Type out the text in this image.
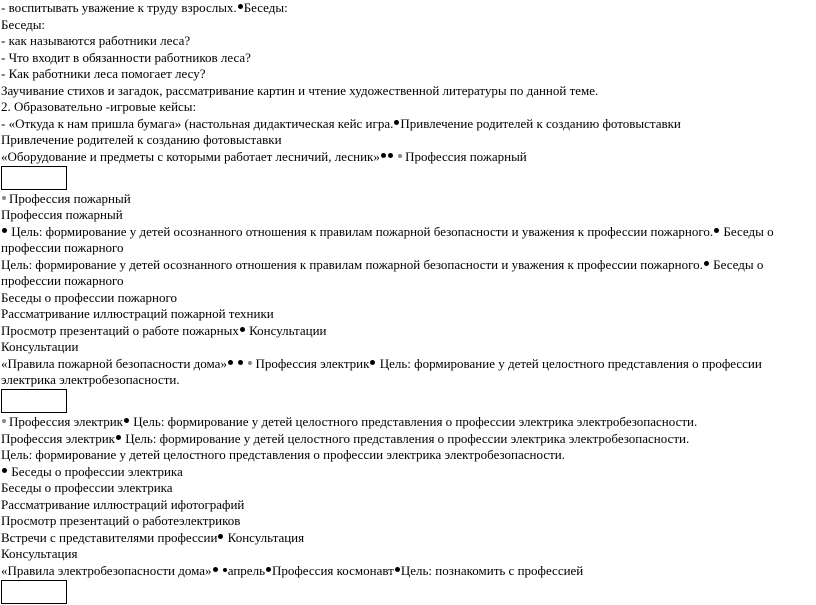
- воспитывать уважение к труду взрослых. Беседы:
Беседы:
- как называются работники леса?
- Что входит в обязанности работников леса?
- Как работники леса помогает лесу?
Заучивание стихов и загадок, рассматривание картин и чтение художественной литературы по данной теме.
2. Образовательно -игровые кейсы:
- «Откуда к нам пришла бумага» (настольная дидактическая кейс игра. Привлечение родителей к созданию фотовыставки
Привлечение родителей к созданию фотовыставки
«Оборудование и предметы с которыми работает лесничий, лесник» Профессия пожарный
Профессия пожарный
Профессия пожарный
Цель: формирование у детей осознанного отношения к правилам пожарной безопасности и уважения к профессии пожарного. Беседы о профессии пожарного
Цель: формирование у детей осознанного отношения к правилам пожарной безопасности и уважения к профессии пожарного. Беседы о профессии пожарного
Беседы о профессии пожарного
Рассматривание иллюстраций пожарной техники
Просмотр презентаций о работе пожарных Консультации
Консультации
«Правила пожарной безопасности дома» Профессия электрик Цель: формирование у детей целостного представления о профессии электрика электробезопасности.
Профессия электрик Цель: формирование у детей целостного представления о профессии электрика электробезопасности.
Профессия электрик Цель: формирование у детей целостного представления о профессии электрика электробезопасности.
Цель: формирование у детей целостного представления о профессии электрика электробезопасности.
Беседы о профессии электрика
Беседы о профессии электрика
Рассматривание иллюстраций ифотографий
Просмотр презентаций о работеэлектриков
Встречи с представителями профессии Консультация
Консультация
«Правила электробезопасности дома» апрель Профессия космонавт Цель: познакомить с профессией
